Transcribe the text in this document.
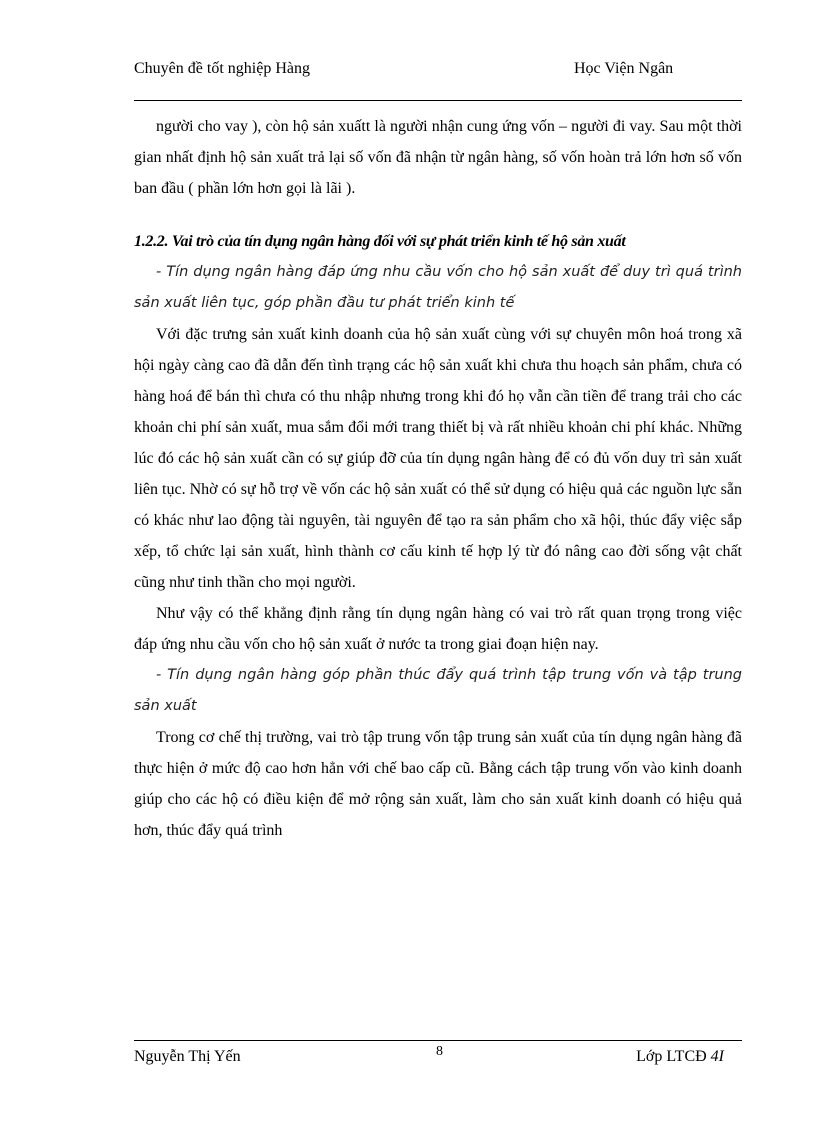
Chuyên đề tốt nghiệp Hàng	Học Viện Ngân

người cho vay ), còn hộ sản xuấtt là người nhận cung ứng vốn – người đi vay. Sau một thời gian nhất định hộ sản xuất trả lại số vốn đã nhận từ ngân hàng, số vốn hoàn trả lớn hơn số vốn ban đầu ( phần lớn hơn gọi là lãi ).

1.2.2. Vai trò của tín dụng ngân hàng đối với sự phát triển kinh tế hộ sản xuất

- Tín dụng ngân hàng đáp ứng nhu cầu vốn cho hộ sản xuất để duy trì quá trình sản xuất liên tục, góp phần đầu tư phát triển kinh tế

Với đặc trưng sản xuất kinh doanh của hộ sản xuất cùng với sự chuyên môn hoá trong xã hội ngày càng cao đã dẫn đến tình trạng các hộ sản xuất khi chưa thu hoạch sản phẩm, chưa có hàng hoá để bán thì chưa có thu nhập nhưng trong khi đó họ vẫn cần tiền để trang trải cho các khoản chi phí sản xuất, mua sắm đổi mới trang thiết bị và rất nhiều khoản chi phí khác. Những lúc đó các hộ sản xuất cần có sự giúp đỡ của tín dụng ngân hàng để có đủ vốn duy trì sản xuất liên tục. Nhờ có sự hỗ trợ về vốn các hộ sản xuất có thể sử dụng có hiệu quả các nguồn lực sẵn có khác như lao động tài nguyên, tài nguyên để tạo ra sản phẩm cho xã hội, thúc đẩy việc sắp xếp, tổ chức lại sản xuất, hình thành cơ cấu kinh tế hợp lý từ đó nâng cao đời sống vật chất cũng như tinh thần cho mọi người.

Như vậy có thể khẳng định rằng tín dụng ngân hàng có vai trò rất quan trọng trong việc đáp ứng nhu cầu vốn cho hộ sản xuất ở nước ta trong giai đoạn hiện nay.

- Tín dụng ngân hàng góp phần thúc đẩy quá trình tập trung vốn và tập trung sản xuất

Trong cơ chế thị trường, vai trò tập trung vốn tập trung sản xuất của tín dụng ngân hàng đã thực hiện ở mức độ cao hơn hẳn với chế bao cấp cũ. Bằng cách tập trung vốn vào kinh doanh giúp cho các hộ có điều kiện để mở rộng sản xuất, làm cho sản xuất kinh doanh có hiệu quả hơn, thúc đẩy quá trình

Nguyễn Thị Yến	8	Lớp LTCĐ 4I
